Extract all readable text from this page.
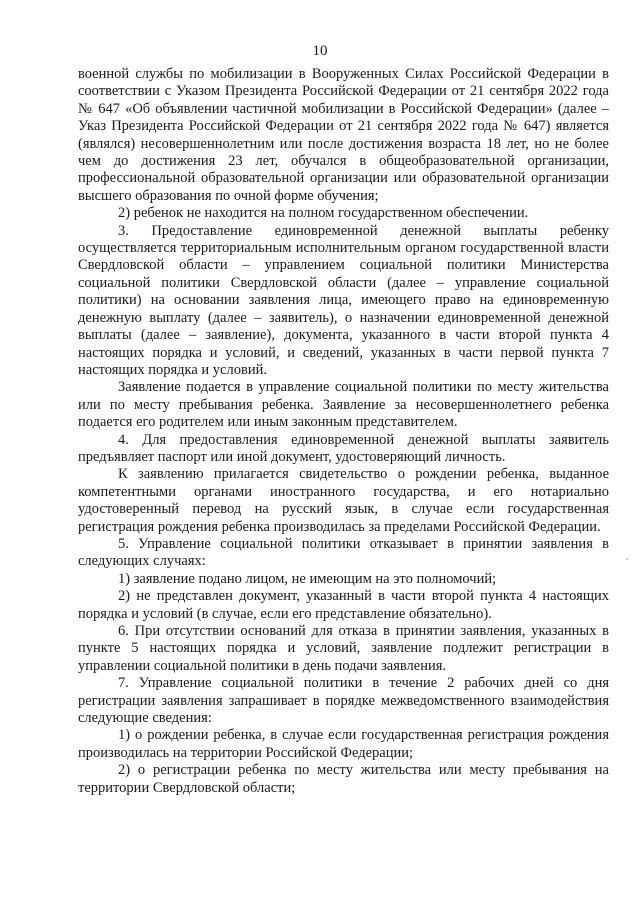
10

военной службы по мобилизации в Вооруженных Силах Российской Федерации в соответствии с Указом Президента Российской Федерации от 21 сентября 2022 года № 647 «Об объявлении частичной мобилизации в Российской Федерации» (далее – Указ Президента Российской Федерации от 21 сентября 2022 года № 647) является (являлся) несовершеннолетним или после достижения возраста 18 лет, но не более чем до достижения 23 лет, обучался в общеобразовательной организации, профессиональной образовательной организации или образовательной организации высшего образования по очной форме обучения;

2) ребенок не находится на полном государственном обеспечении.

3. Предоставление единовременной денежной выплаты ребенку осуществляется территориальным исполнительным органом государственной власти Свердловской области – управлением социальной политики Министерства социальной политики Свердловской области (далее – управление социальной политики) на основании заявления лица, имеющего право на единовременную денежную выплату (далее – заявитель), о назначении единовременной денежной выплаты (далее – заявление), документа, указанного в части второй пункта 4 настоящих порядка и условий, и сведений, указанных в части первой пункта 7 настоящих порядка и условий.

Заявление подается в управление социальной политики по месту жительства или по месту пребывания ребенка. Заявление за несовершеннолетнего ребенка подается его родителем или иным законным представителем.

4. Для предоставления единовременной денежной выплаты заявитель предъявляет паспорт или иной документ, удостоверяющий личность.

К заявлению прилагается свидетельство о рождении ребенка, выданное компетентными органами иностранного государства, и его нотариально удостоверенный перевод на русский язык, в случае если государственная регистрация рождения ребенка производилась за пределами Российской Федерации.

5. Управление социальной политики отказывает в принятии заявления в следующих случаях:

1) заявление подано лицом, не имеющим на это полномочий;

2) не представлен документ, указанный в части второй пункта 4 настоящих порядка и условий (в случае, если его представление обязательно).

6. При отсутствии оснований для отказа в принятии заявления, указанных в пункте 5 настоящих порядка и условий, заявление подлежит регистрации в управлении социальной политики в день подачи заявления.

7. Управление социальной политики в течение 2 рабочих дней со дня регистрации заявления запрашивает в порядке межведомственного взаимодействия следующие сведения:

1) о рождении ребенка, в случае если государственная регистрация рождения производилась на территории Российской Федерации;

2) о регистрации ребенка по месту жительства или месту пребывания на территории Свердловской области;
